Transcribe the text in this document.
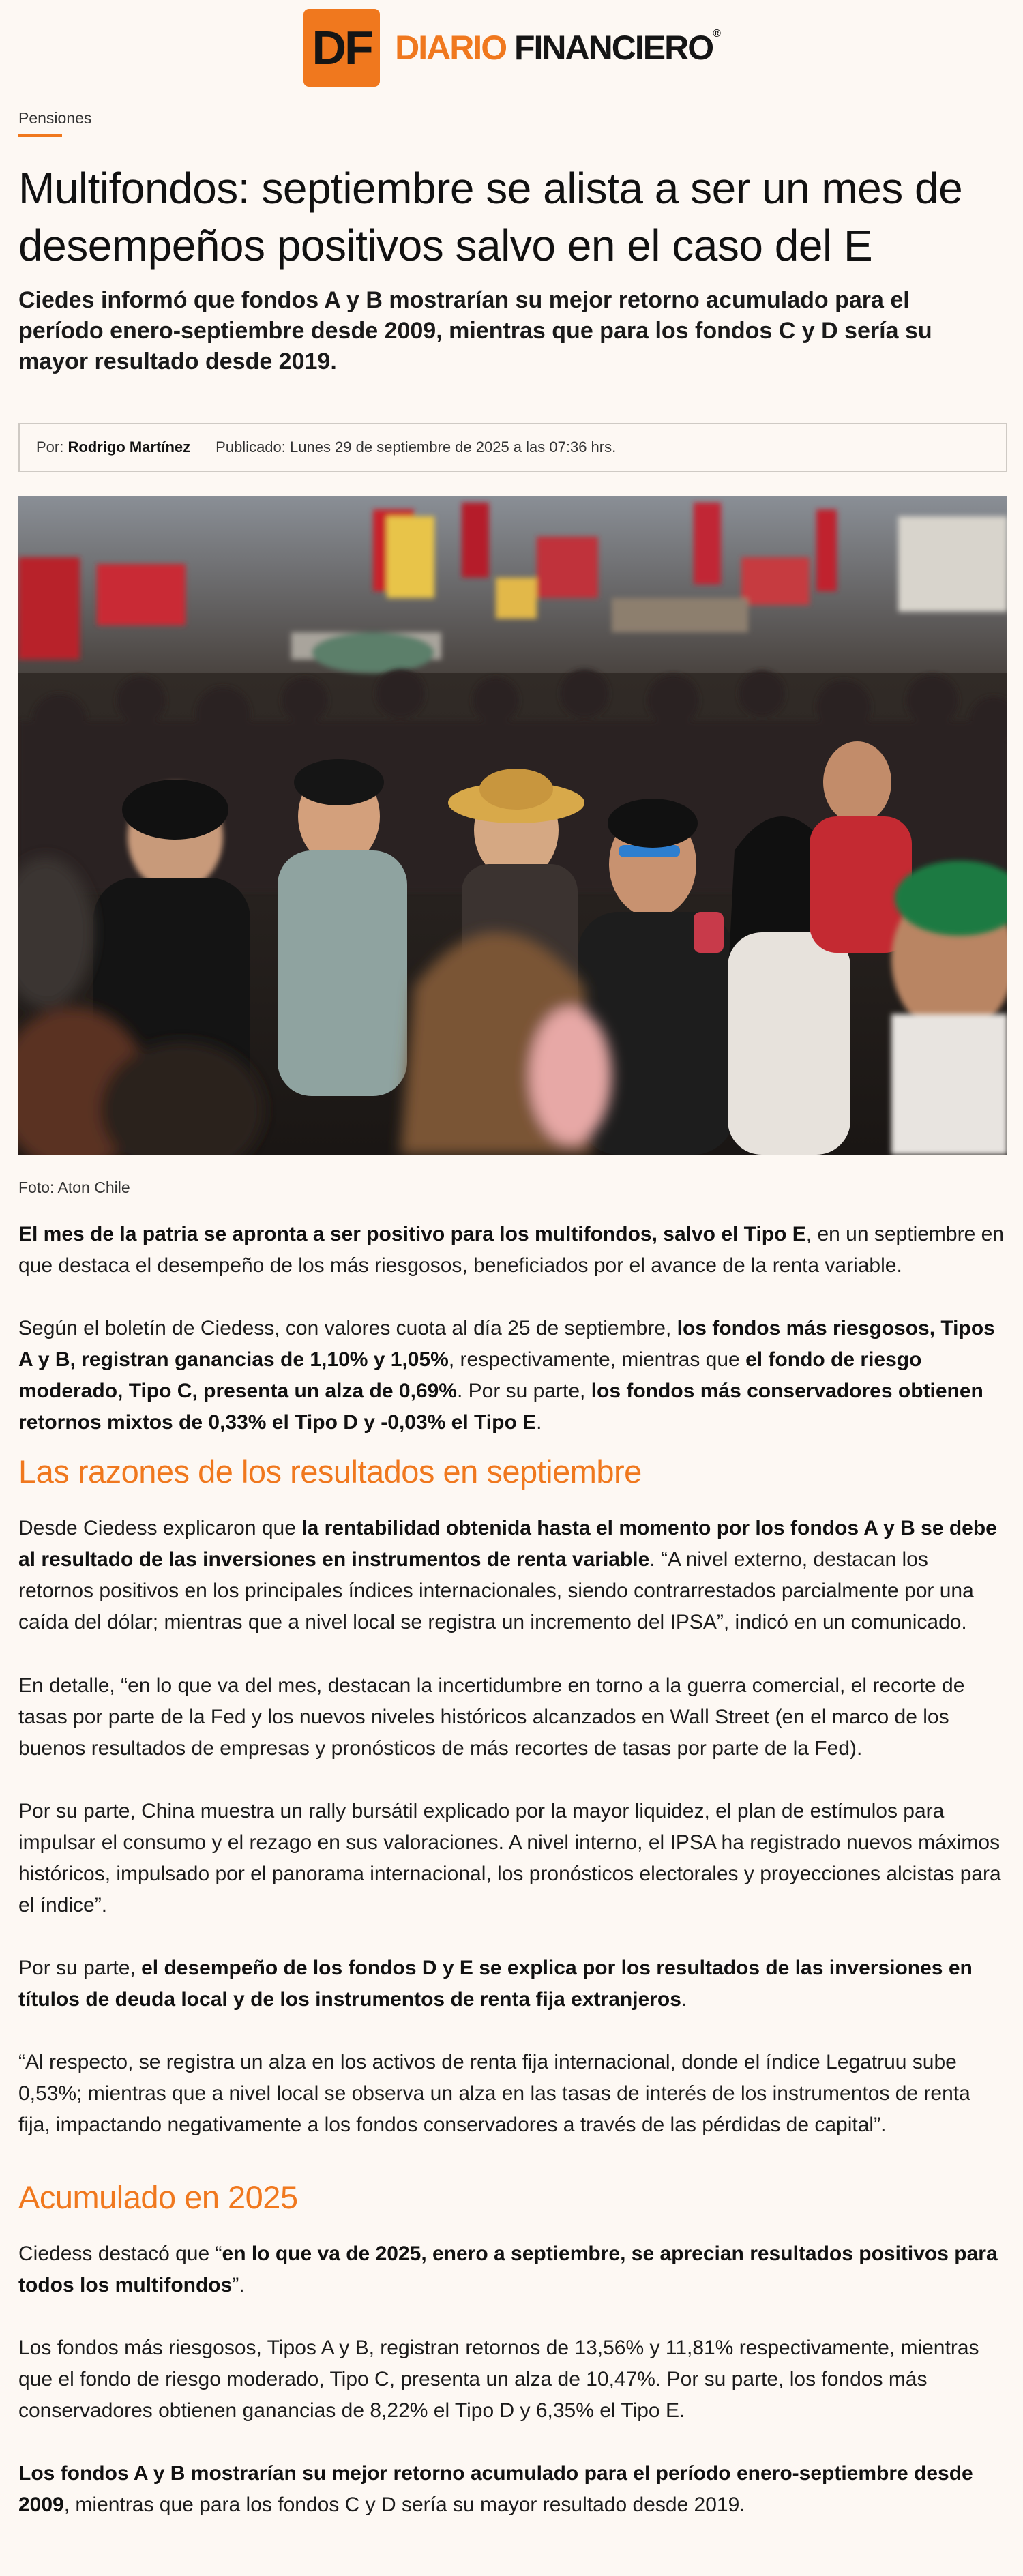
DF DIARIO FINANCIERO®
Pensiones
Multifondos: septiembre se alista a ser un mes de desempeños positivos salvo en el caso del E

Ciedes informó que fondos A y B mostrarían su mejor retorno acumulado para el período enero-septiembre desde 2009, mientras que para los fondos C y D sería su mayor resultado desde 2019.

Por:
Rodrigo Martínez Publicado: Lunes 29 de septiembre de 2025 a las 07:36 hrs.
Foto: Aton Chile

El mes de la patria se apronta a ser positivo para los multifondos, salvo el Tipo E, en un septiembre en que destaca el desempeño de los más riesgosos, beneficiados por el avance de la renta variable.

Según el boletín de Ciedess, con valores cuota al día 25 de septiembre, los fondos más riesgosos, Tipos A y B, registran ganancias de 1,10% y 1,05%, respectivamente, mientras que el fondo de riesgo moderado, Tipo C, presenta un alza de 0,69%. Por su parte, los fondos más conservadores obtienen retornos mixtos de 0,33% el Tipo D y -0,03% el Tipo E.

Las razones de los resultados en septiembre

Desde Ciedess explicaron que la rentabilidad obtenida hasta el momento por los fondos A y B se debe al resultado de las inversiones en instrumentos de renta variable. “A nivel externo, destacan los retornos positivos en los principales índices internacionales, siendo contrarrestados parcialmente por una caída del dólar; mientras que a nivel local se registra un incremento del IPSA”, indicó en un comunicado.

En detalle, “en lo que va del mes, destacan la incertidumbre en torno a la guerra comercial, el recorte de tasas por parte de la Fed y los nuevos niveles históricos alcanzados en Wall Street (en el marco de los buenos resultados de empresas y pronósticos de más recortes de tasas por parte de la Fed).

Por su parte, China muestra un rally bursátil explicado por la mayor liquidez, el plan de estímulos para impulsar el consumo y el rezago en sus valoraciones. A nivel interno, el IPSA ha registrado nuevos máximos históricos, impulsado por el panorama internacional, los pronósticos electorales y proyecciones alcistas para el índice”.

Por su parte, el desempeño de los fondos D y E se explica por los resultados de las inversiones en títulos de deuda local y de los instrumentos de renta fija extranjeros.

“Al respecto, se registra un alza en los activos de renta fija internacional, donde el índice Legatruu sube 0,53%; mientras que a nivel local se observa un alza en las tasas de interés de los instrumentos de renta fija, impactando negativamente a los fondos conservadores a través de las pérdidas de capital”.

Acumulado en 2025

Ciedess destacó que “en lo que va de 2025, enero a septiembre, se aprecian resultados positivos para todos los multifondos”.

Los fondos más riesgosos, Tipos A y B, registran retornos de 13,56% y 11,81% respectivamente, mientras que el fondo de riesgo moderado, Tipo C, presenta un alza de 10,47%. Por su parte, los fondos más conservadores obtienen ganancias de 8,22% el Tipo D y 6,35% el Tipo E.

Los fondos A y B mostrarían su mejor retorno acumulado para el período enero-septiembre desde 2009, mientras que para los fondos C y D sería su mayor resultado desde 2019.
